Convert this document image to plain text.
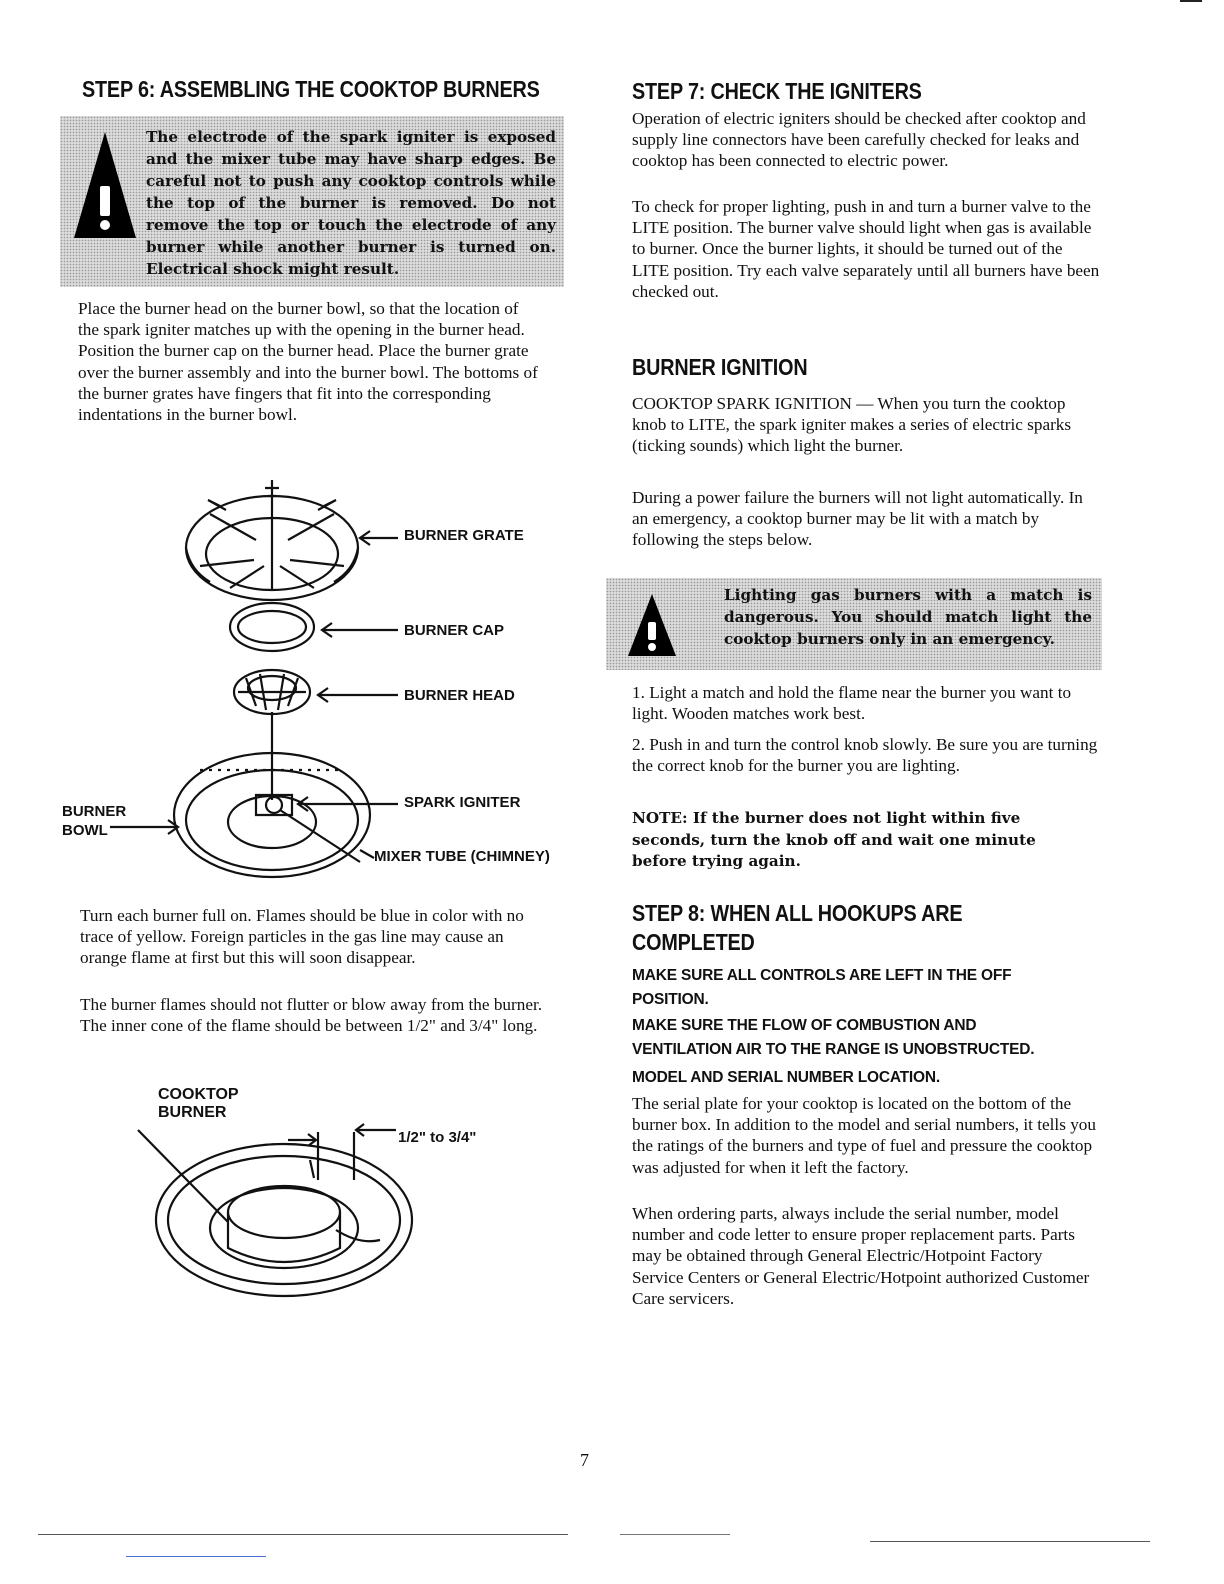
STEP 6: ASSEMBLING THE COOKTOP BURNERS

The electrode of the spark igniter is exposed and the mixer tube may have sharp edges. Be careful not to push any cooktop controls while the top of the burner is removed. Do not remove the top or touch the electrode of any burner while another burner is turned on. Electrical shock might result.

Place the burner head on the burner bowl, so that the location of the spark igniter matches up with the opening in the burner head. Position the burner cap on the burner head. Place the burner grate over the burner assembly and into the burner bowl. The bottoms of the burner grates have fingers that fit into the corresponding indentations in the burner bowl.

BURNER GRATE
BURNER CAP
BURNER HEAD
SPARK IGNITER
BURNER
BOWL
MIXER TUBE (CHIMNEY)

Turn each burner full on. Flames should be blue in color with no trace of yellow. Foreign particles in the gas line may cause an orange flame at first but this will soon disappear.

The burner flames should not flutter or blow away from the burner. The inner cone of the flame should be between 1/2" and 3/4" long.

COOKTOP
BURNER
1/2" to 3/4"
STEP 7: CHECK THE IGNITERS

Operation of electric igniters should be checked after cooktop and supply line connectors have been carefully checked for leaks and cooktop has been connected to electric power.

To check for proper lighting, push in and turn a burner valve to the LITE position. The burner valve should light when gas is available to burner. Once the burner lights, it should be turned out of the LITE position. Try each valve separately until all burners have been checked out.

BURNER IGNITION

COOKTOP SPARK IGNITION — When you turn the cooktop knob to LITE, the spark igniter makes a series of electric sparks (ticking sounds) which light the burner.

During a power failure the burners will not light automatically. In an emergency, a cooktop burner may be lit with a match by following the steps below.

Lighting gas burners with a match is dangerous. You should match light the cooktop burners only in an emergency.

1. Light a match and hold the flame near the burner you want to light. Wooden matches work best.

2. Push in and turn the control knob slowly. Be sure you are turning the correct knob for the burner you are lighting.

NOTE: If the burner does not light within five seconds, turn the knob off and wait one minute before trying again.

STEP 8: WHEN ALL HOOKUPS ARE
COMPLETED
MAKE SURE ALL CONTROLS ARE LEFT IN THE OFF POSITION.
MAKE SURE THE FLOW OF COMBUSTION AND VENTILATION AIR TO THE RANGE IS UNOBSTRUCTED.
MODEL AND SERIAL NUMBER LOCATION.

The serial plate for your cooktop is located on the bottom of the burner box. In addition to the model and serial numbers, it tells you the ratings of the burners and type of fuel and pressure the cooktop was adjusted for when it left the factory.

When ordering parts, always include the serial number, model number and code letter to ensure proper replacement parts. Parts may be obtained through General Electric/Hotpoint Factory Service Centers or General Electric/Hotpoint authorized Customer Care servicers.

7
